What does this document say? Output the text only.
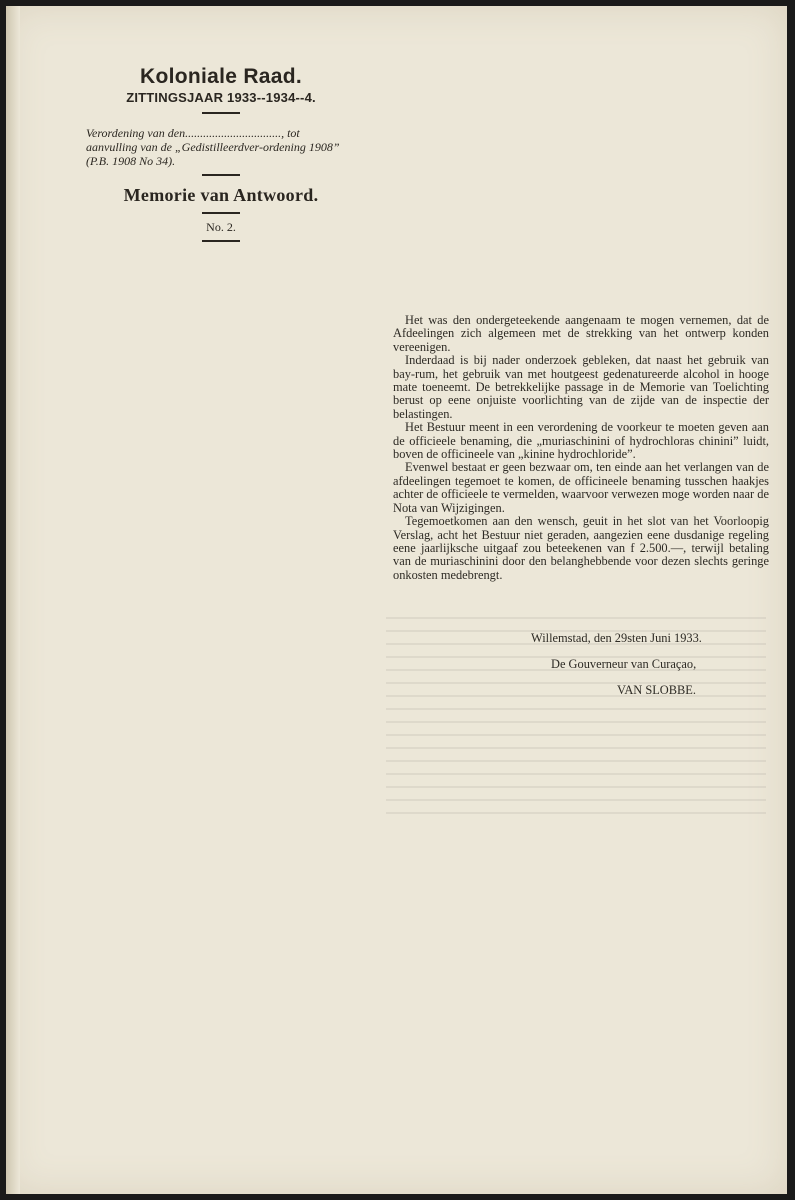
Koloniale Raad.
ZITTINGSJAAR 1933--1934--4.
Verordening van den................................, tot aanvulling van de „Gedistilleerdver-ordening 1908” (P.B. 1908 No 34).
Memorie van Antwoord.
No. 2.

Het was den ondergeteekende aangenaam te mogen vernemen, dat de Afdeelingen zich algemeen met de strekking van het ontwerp konden vereenigen.

Inderdaad is bij nader onderzoek gebleken, dat naast het gebruik van bay-rum, het gebruik van met houtgeest gedenatureerde alcohol in hooge mate toeneemt. De betrekkelijke passage in de Memorie van Toelichting berust op eene onjuiste voorlichting van de zijde van de inspectie der belastingen.

Het Bestuur meent in een verordening de voorkeur te moeten geven aan de officieele benaming, die „muriaschinini of hydrochloras chinini” luidt, boven de officineele van „kinine hydrochloride”.

Evenwel bestaat er geen bezwaar om, ten einde aan het verlangen van de afdeelingen tegemoet te komen, de officineele benaming tusschen haakjes achter de officieele te vermelden, waarvoor verwezen moge worden naar de Nota van Wijzigingen.

Tegemoetkomen aan den wensch, geuit in het slot van het Voorloopig Verslag, acht het Bestuur niet geraden, aangezien eene dusdanige regeling eene jaarlijksche uitgaaf zou beteekenen van f 2.500.—, terwijl betaling van de muriaschinini door den belanghebbende voor dezen slechts geringe onkosten medebrengt.

Willemstad, den 29sten Juni 1933.
De Gouverneur van Curaçao,
VAN SLOBBE.
